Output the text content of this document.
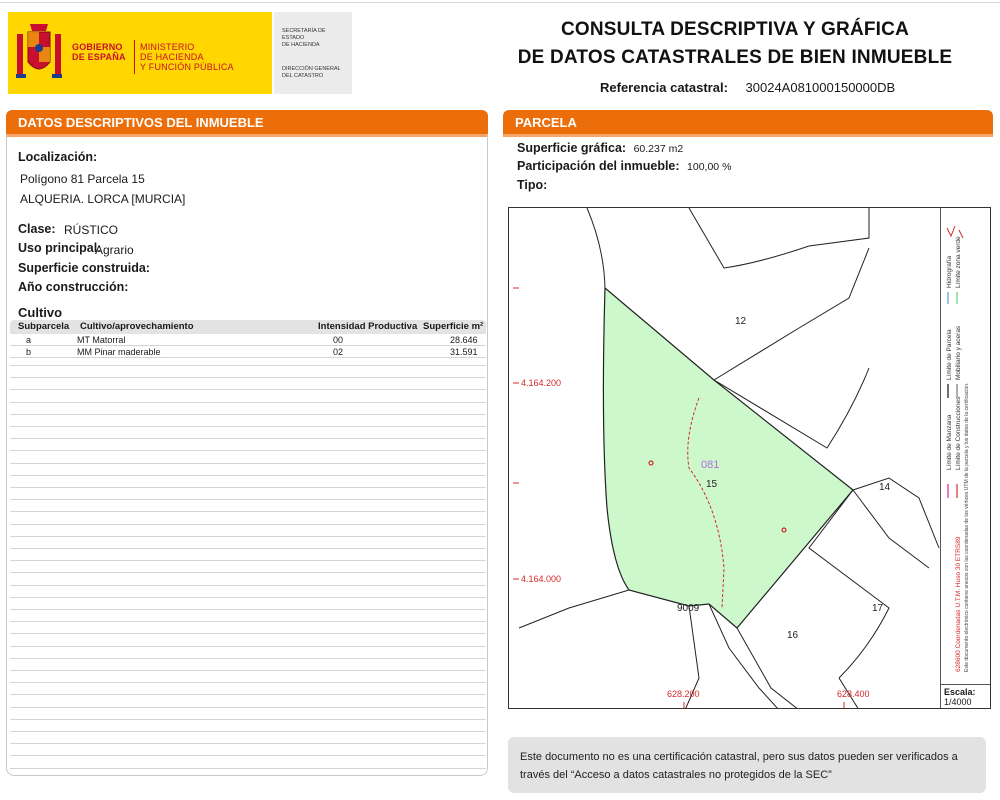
GOBIERNO
DE ESPAÑA
MINISTERIO
DE HACIENDA
Y FUNCIÓN PÚBLICA
SECRETARÍA DE ESTADO
DE HACIENDA
DIRECCIÓN GENERAL
DEL CATASTRO
CONSULTA DESCRIPTIVA Y GRÁFICA
DE DATOS CATASTRALES DE BIEN INMUEBLE
Referencia catastral: 30024A081000150000DB
DATOS DESCRIPTIVOS DEL INMUEBLE
Localización:
Polígono 81 Parcela 15
ALQUERIA. LORCA [MURCIA]
Clase: RÚSTICO
Uso principal:
Agrario
Superficie construida:
Año construcción:
Cultivo
Subparcela Cultivo/aprovechamiento	Intensidad Productiva Superficie m²
a	MT Matorral	00	28.646
b	MM Pinar maderable	02	31.591
PARCELA
Superficie gráfica: 60.237 m2
Participación del inmueble: 100,00 %
Tipo:
4.164.200
4.164.000
628.200	628.400
12
14
15
16
17
081
9009
Límite de Manzana
Límite de Parcela
Hidrografía
Límite de Construcciones
Mobiliario y aceras
Límite zona verde
628600 Coordenadas U.T.M. Huso 30 ETRS89 Este documento electrónico contiene anexos con las coordenadas de los vértices UTM de la parcela y los datos de la certificación.
Escala:
1/4000
Este documento no es una certificación catastral, pero sus datos pueden ser verificados a
través del “Acceso a datos catastrales no protegidos de la SEC”
